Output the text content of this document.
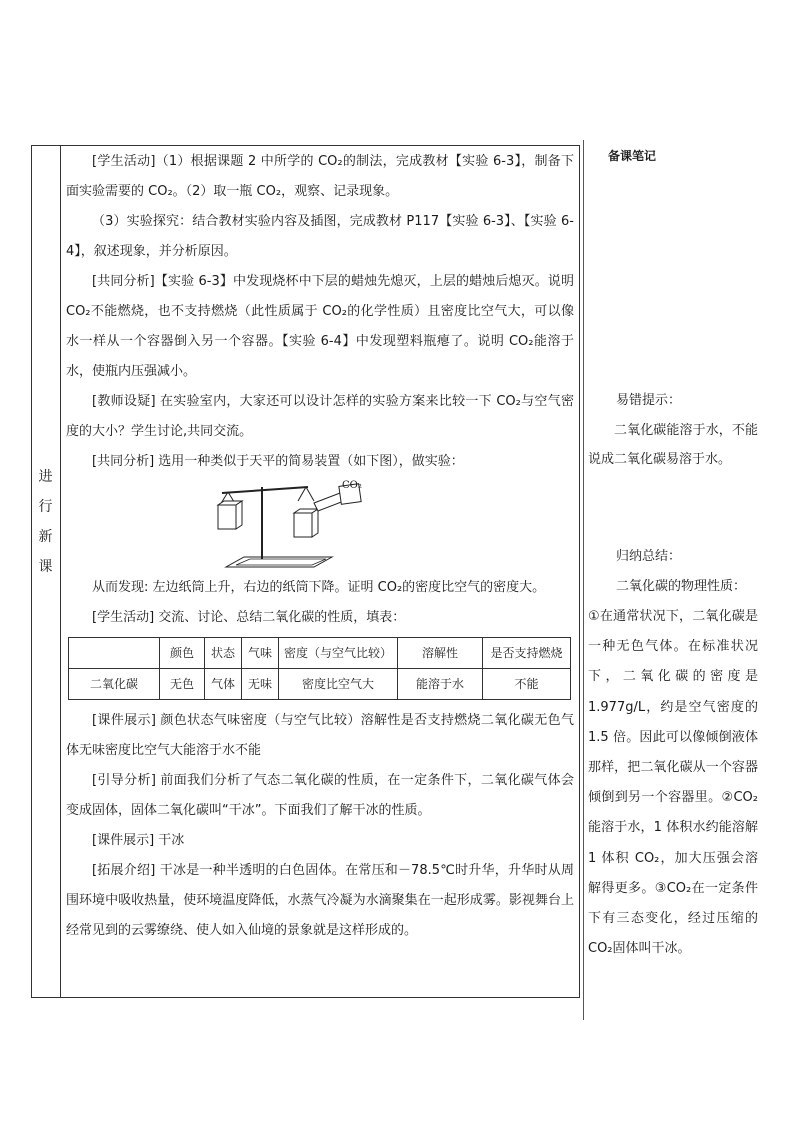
进
行
新
课

[学生活动]（1）根据课题 2 中所学的 CO₂的制法，完成教材【实验 6-3】，制备下面实验需要的 CO₂。（2）取一瓶 CO₂，观察、记录现象。

（3）实验探究：结合教材实验内容及插图，完成教材 P117【实验 6-3】、【实验 6-4】，叙述现象，并分析原因。

[共同分析]【实验 6-3】中发现烧杯中下层的蜡烛先熄灭，上层的蜡烛后熄灭。说明 CO₂不能燃烧，也不支持燃烧（此性质属于 CO₂的化学性质）且密度比空气大，可以像水一样从一个容器倒入另一个容器。【实验 6-4】中发现塑料瓶瘪了。说明 CO₂能溶于水，使瓶内压强减小。

[教师设疑] 在实验室内，大家还可以设计怎样的实验方案来比较一下 CO₂与空气密度的大小？学生讨论,共同交流。

[共同分析] 选用一种类似于天平的简易装置（如下图），做实验：

CO₂

从而发现: 左边纸筒上升，右边的纸筒下降。证明 CO₂的密度比空气的密度大。

[学生活动] 交流、讨论、总结二氧化碳的性质，填表：

	颜色	状态	气味	密度（与空气比较）	溶解性	是否支持燃烧
二氧化碳	无色	气体	无味	密度比空气大	能溶于水	不能

[课件展示] 颜色状态气味密度（与空气比较）溶解性是否支持燃烧二氧化碳无色气体无味密度比空气大能溶于水不能

[引导分析] 前面我们分析了气态二氧化碳的性质，在一定条件下，二氧化碳气体会变成固体，固体二氧化碳叫“干冰”。下面我们了解干冰的性质。

[课件展示] 干冰

[拓展介绍] 干冰是一种半透明的白色固体。在常压和－78.5℃时升华，升华时从周围环境中吸收热量，使环境温度降低，水蒸气冷凝为水滴聚集在一起形成雾。影视舞台上经常见到的云雾缭绕、使人如入仙境的景象就是这样形成的。

备课笔记
易错提示：
二氧化碳能溶于水，不能说成二氧化碳易溶于水。
归纳总结：
二氧化碳的物理性质：
①在通常状况下，二氧化碳是一种无色气体。在标准状况下，二氧化碳的密度是 1.977g/L，约是空气密度的 1.5 倍。因此可以像倾倒液体那样，把二氧化碳从一个容器倾倒到另一个容器里。②CO₂能溶于水，1 体积水约能溶解 1 体积 CO₂，加大压强会溶解得更多。③CO₂在一定条件下有三态变化，经过压缩的 CO₂固体叫干冰。
